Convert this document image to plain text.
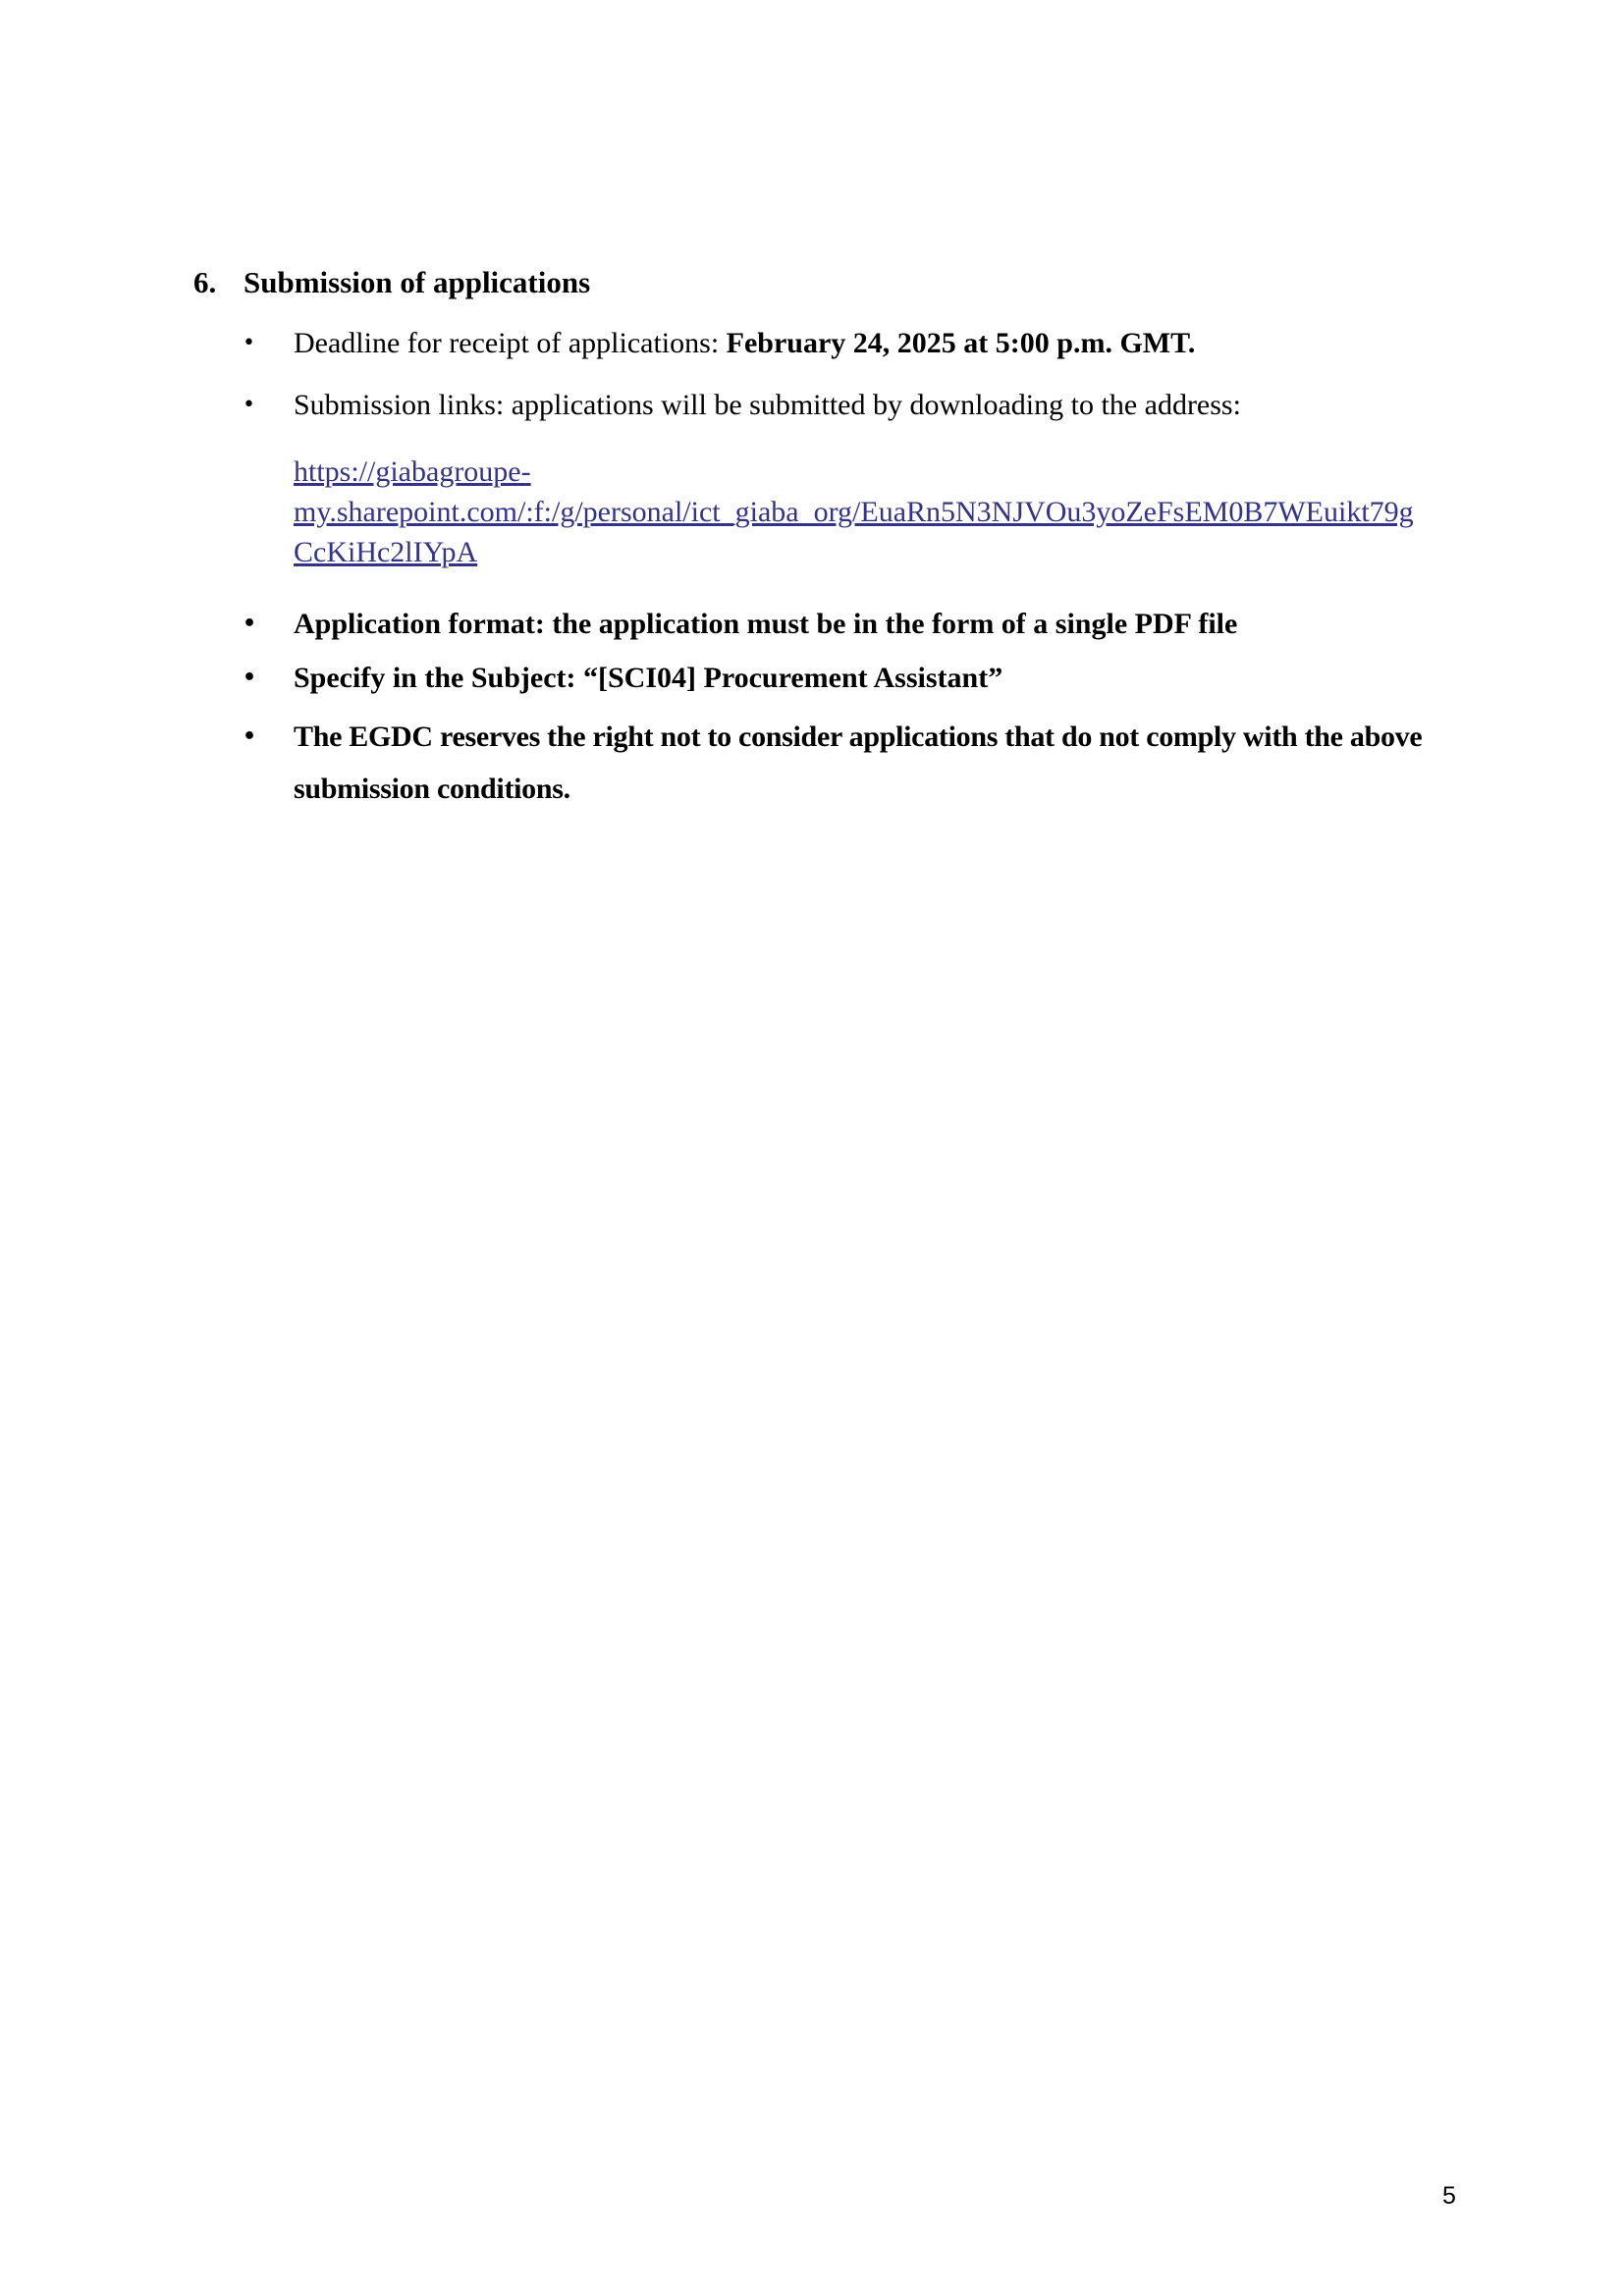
6. Submission of applications
• Deadline for receipt of applications: February 24, 2025 at 5:00 p.m. GMT.
• Submission links: applications will be submitted by downloading to the address:
https://giabagroupe-
my.sharepoint.com/:f:/g/personal/ict_giaba_org/EuaRn5N3NJVOu3yoZeFsEM0B7WEuikt79g
CcKiHc2lIYpA
• Application format: the application must be in the form of a single PDF file
• Specify in the Subject: “[SCI04] Procurement Assistant”
• The EGDC reserves the right not to consider applications that do not comply with the above
submission conditions.
5
